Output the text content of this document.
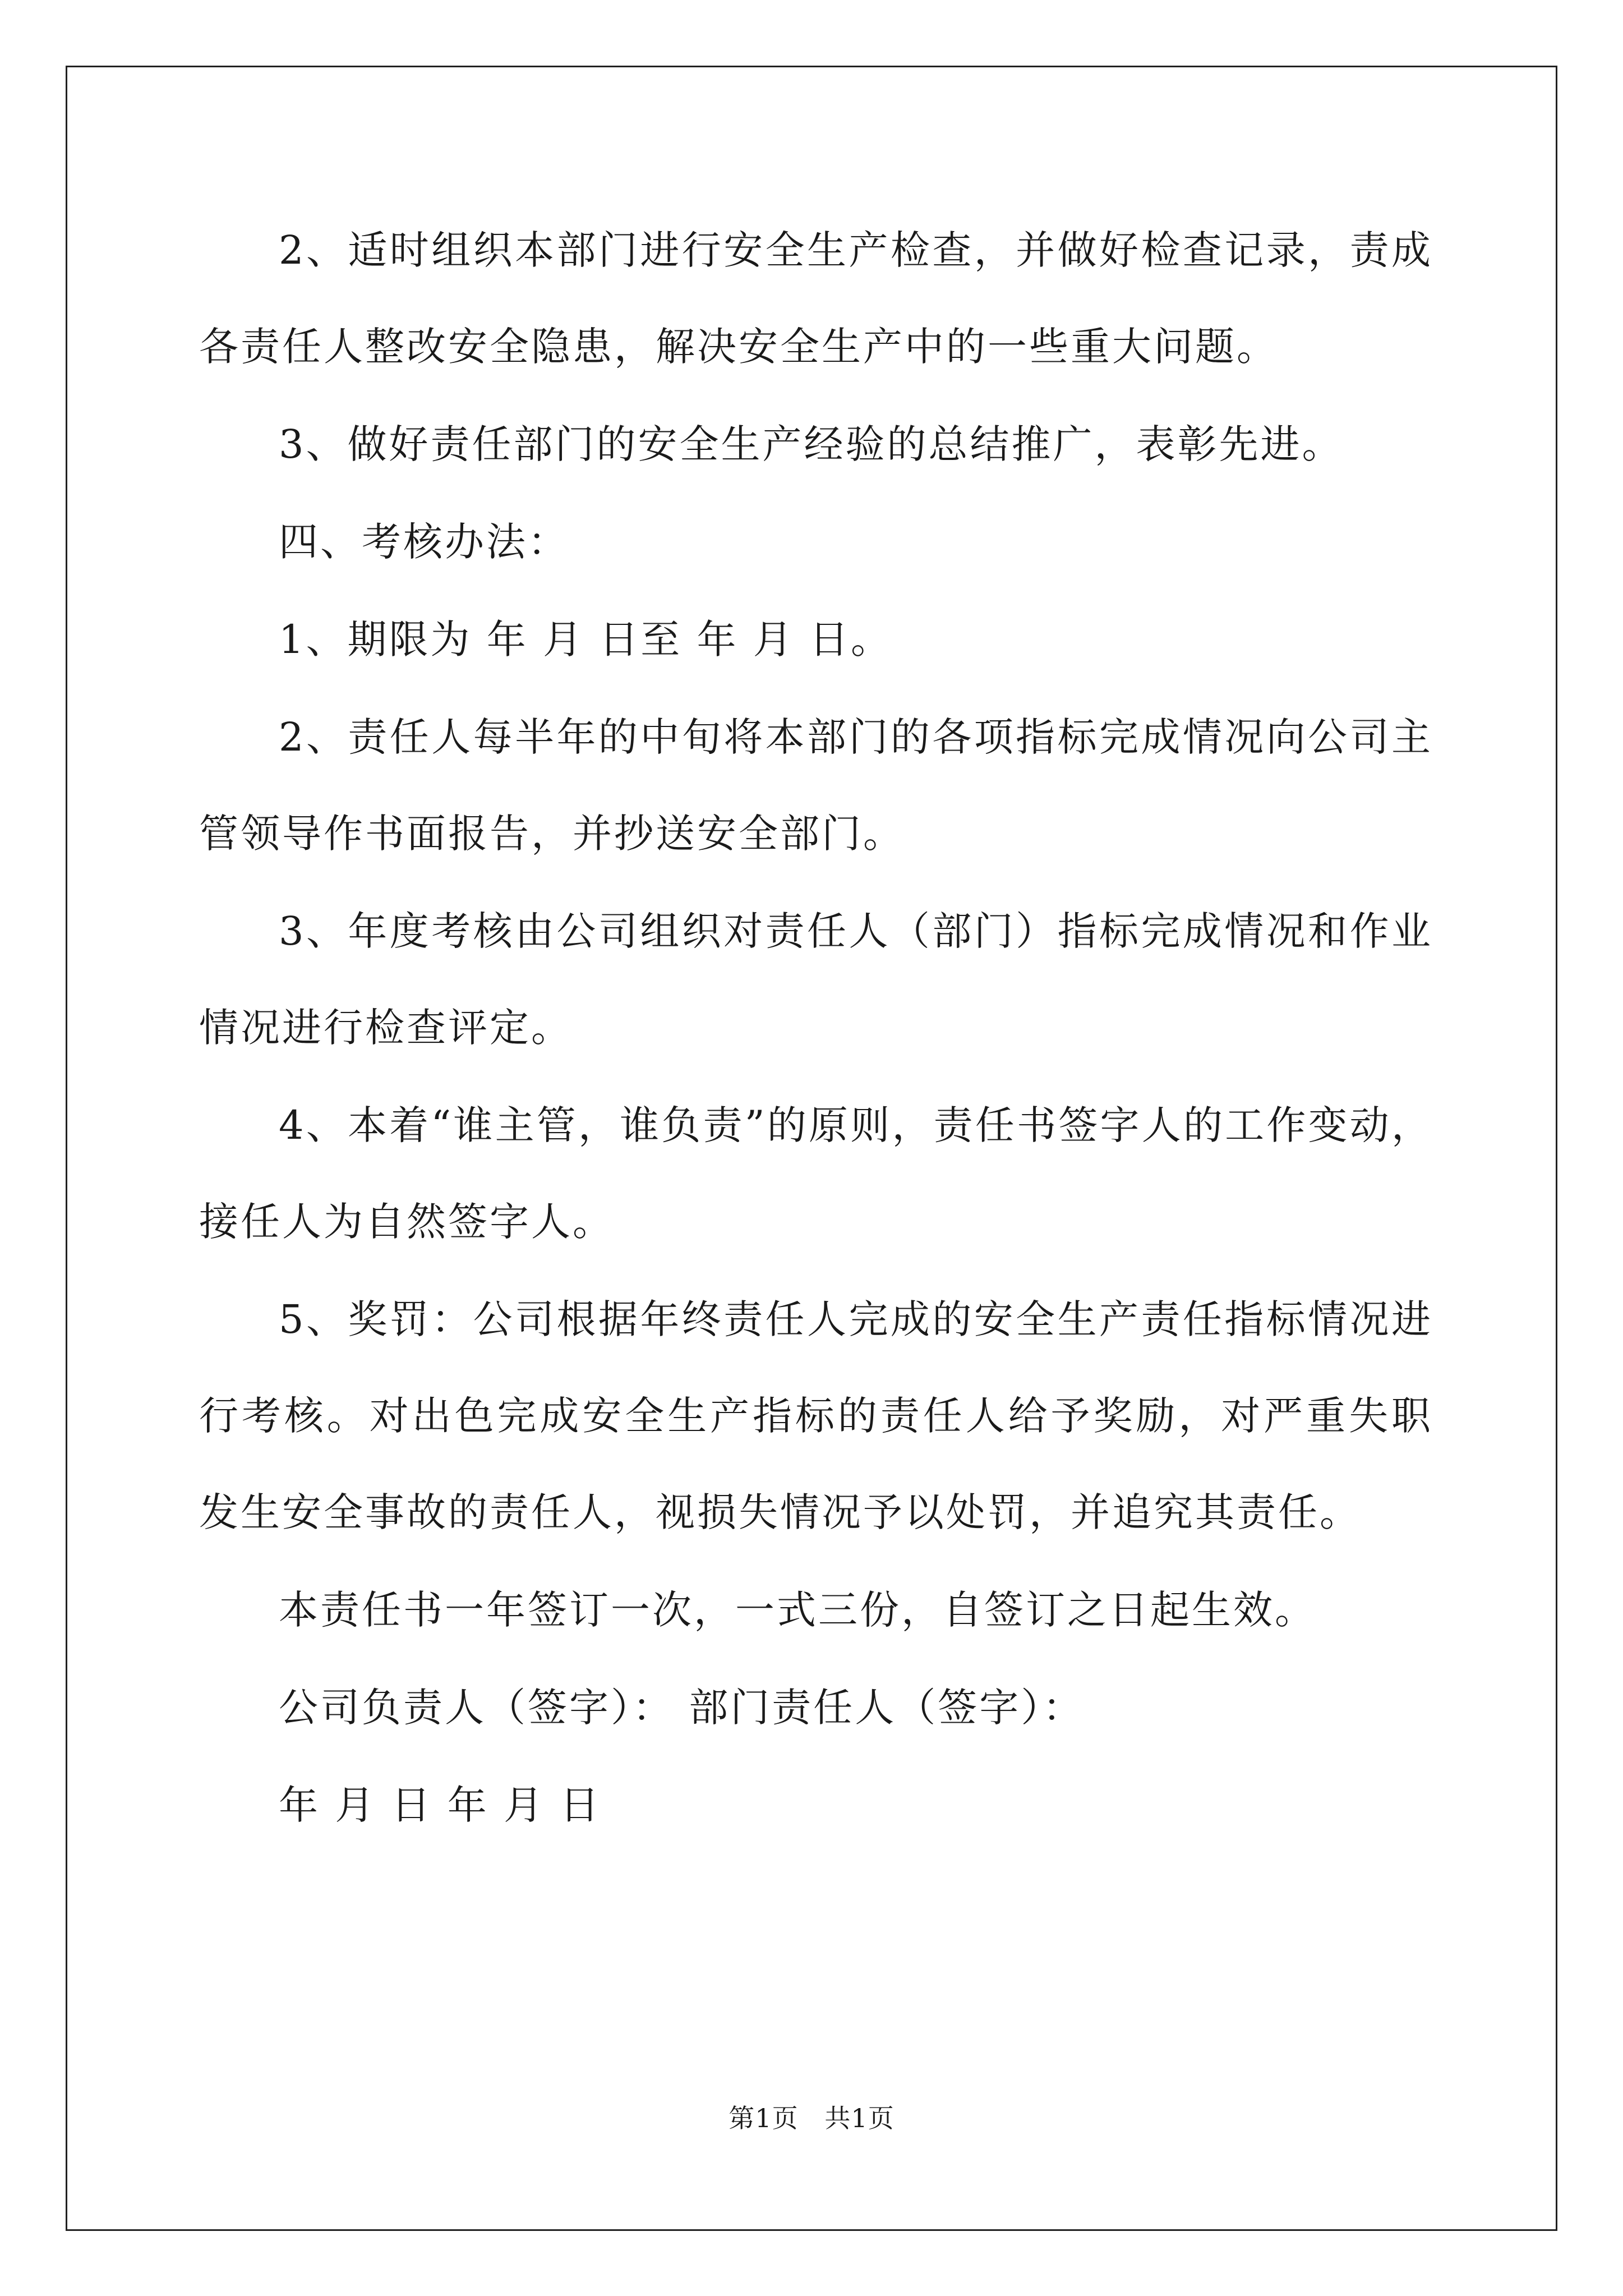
2、适时组织本部门进行安全生产检查，并做好检查记录，责成各责任人整改安全隐患，解决安全生产中的一些重大问题。

3、做好责任部门的安全生产经验的总结推广，表彰先进。

四、考核办法：

1、期限为 年 月 日至 年 月 日。

2、责任人每半年的中旬将本部门的各项指标完成情况向公司主管领导作书面报告，并抄送安全部门。

3、年度考核由公司组织对责任人（部门）指标完成情况和作业情况进行检查评定。

4、本着“谁主管，谁负责”的原则，责任书签字人的工作变动，接任人为自然签字人。

5、奖罚：公司根据年终责任人完成的安全生产责任指标情况进行考核。对出色完成安全生产指标的责任人给予奖励，对严重失职发生安全事故的责任人，视损失情况予以处罚，并追究其责任。

本责任书一年签订一次，一式三份，自签订之日起生效。

公司负责人（签字）： 部门责任人（签字）：

年 月 日 年 月 日

第1页   共1页
